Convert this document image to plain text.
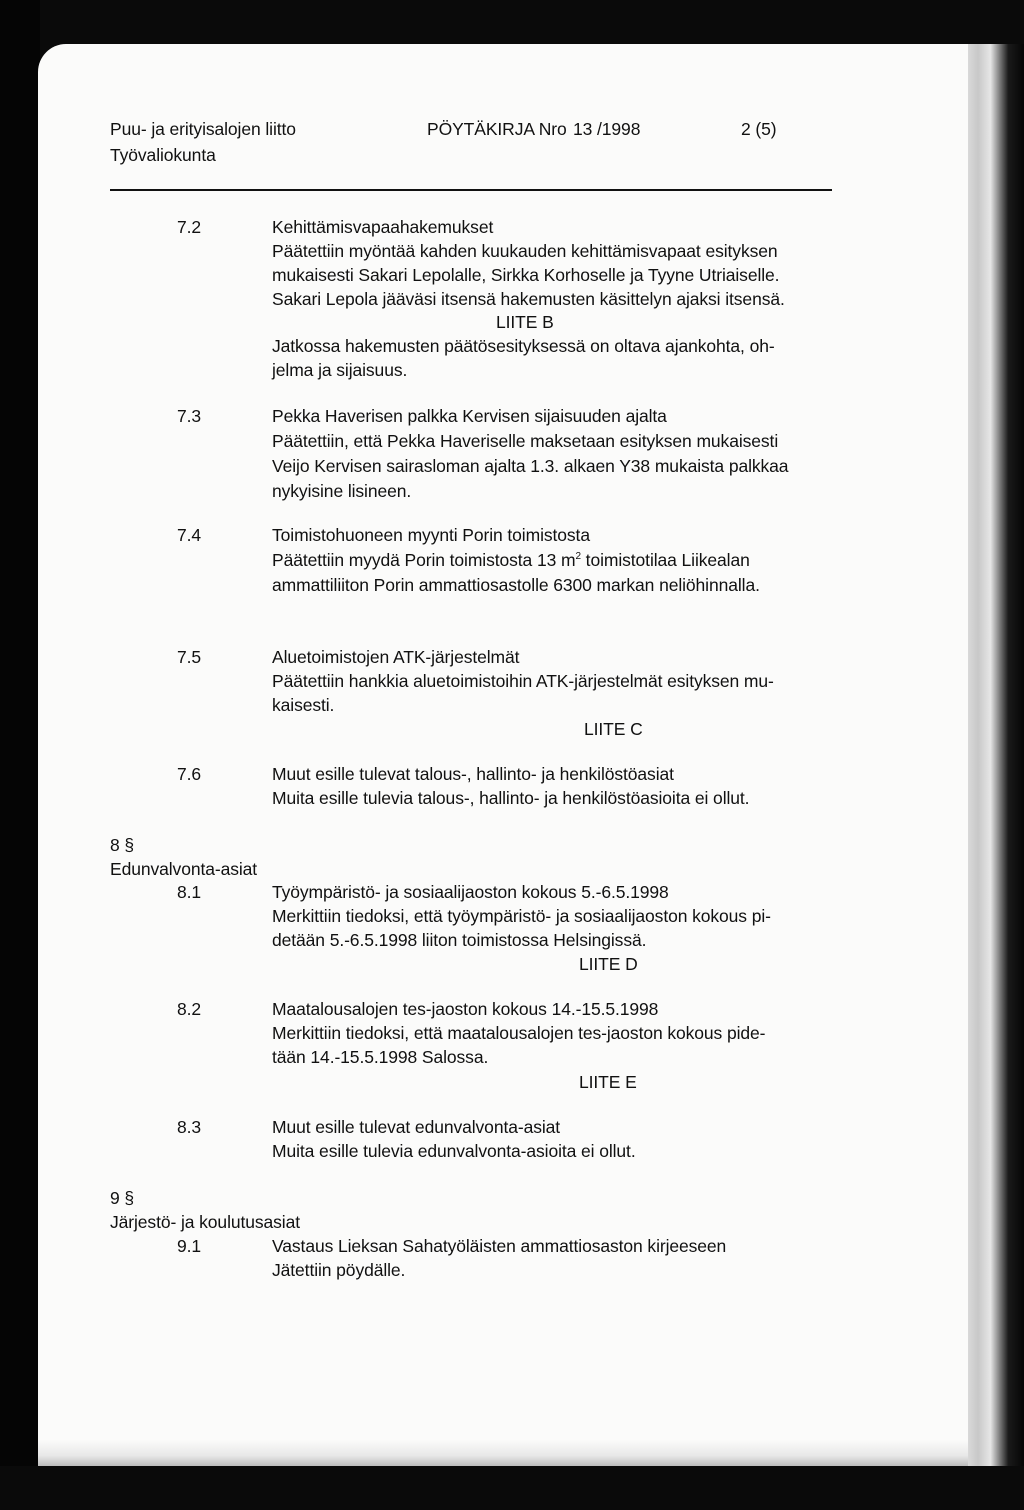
Puu- ja erityisalojen liitto
Työvaliokunta
PÖYTÄKIRJA Nro 13 /1998	2 (5)
7.2	Kehittämisvapaahakemukset
Päätettiin myöntää kahden kuukauden kehittämisvapaat esityksen
mukaisesti Sakari Lepolalle, Sirkka Korhoselle ja Tyyne Utriaiselle.
Sakari Lepola jääväsi itsensä hakemusten käsittelyn ajaksi itsensä.
LIITE B
Jatkossa hakemusten päätösesityksessä on oltava ajankohta, oh-
jelma ja sijaisuus.
7.3	Pekka Haverisen palkka Kervisen sijaisuuden ajalta
Päätettiin, että Pekka Haveriselle maksetaan esityksen mukaisesti
Veijo Kervisen sairasloman ajalta 1.3. alkaen Y38 mukaista palkkaa
nykyisine lisineen.
7.4	Toimistohuoneen myynti Porin toimistosta
Päätettiin myydä Porin toimistosta 13 $m^2$ toimistotilaa Liikealan
ammattiliiton Porin ammattiosastolle 6300 markan neliöhinnalla.
7.5	Aluetoimistojen ATK-järjestelmät
Päätettiin hankkia aluetoimistoihin ATK-järjestelmät esityksen mu-
kaisesti.
LIITE C
7.6	Muut esille tulevat talous-, hallinto- ja henkilöstöasiat
Muita esille tulevia talous-, hallinto- ja henkilöstöasioita ei ollut.
8 §
Edunvalvonta-asiat
8.1	Työympäristö- ja sosiaalijaoston kokous 5.-6.5.1998
Merkittiin tiedoksi, että työympäristö- ja sosiaalijaoston kokous pi-
detään 5.-6.5.1998 liiton toimistossa Helsingissä.
LIITE D
8.2	Maatalousalojen tes-jaoston kokous 14.-15.5.1998
Merkittiin tiedoksi, että maatalousalojen tes-jaoston kokous pide-
tään 14.-15.5.1998 Salossa.
LIITE E
8.3	Muut esille tulevat edunvalvonta-asiat
Muita esille tulevia edunvalvonta-asioita ei ollut.
9 §
Järjestö- ja koulutusasiat
9.1	Vastaus Lieksan Sahatyöläisten ammattiosaston kirjeeseen
Jätettiin pöydälle.
